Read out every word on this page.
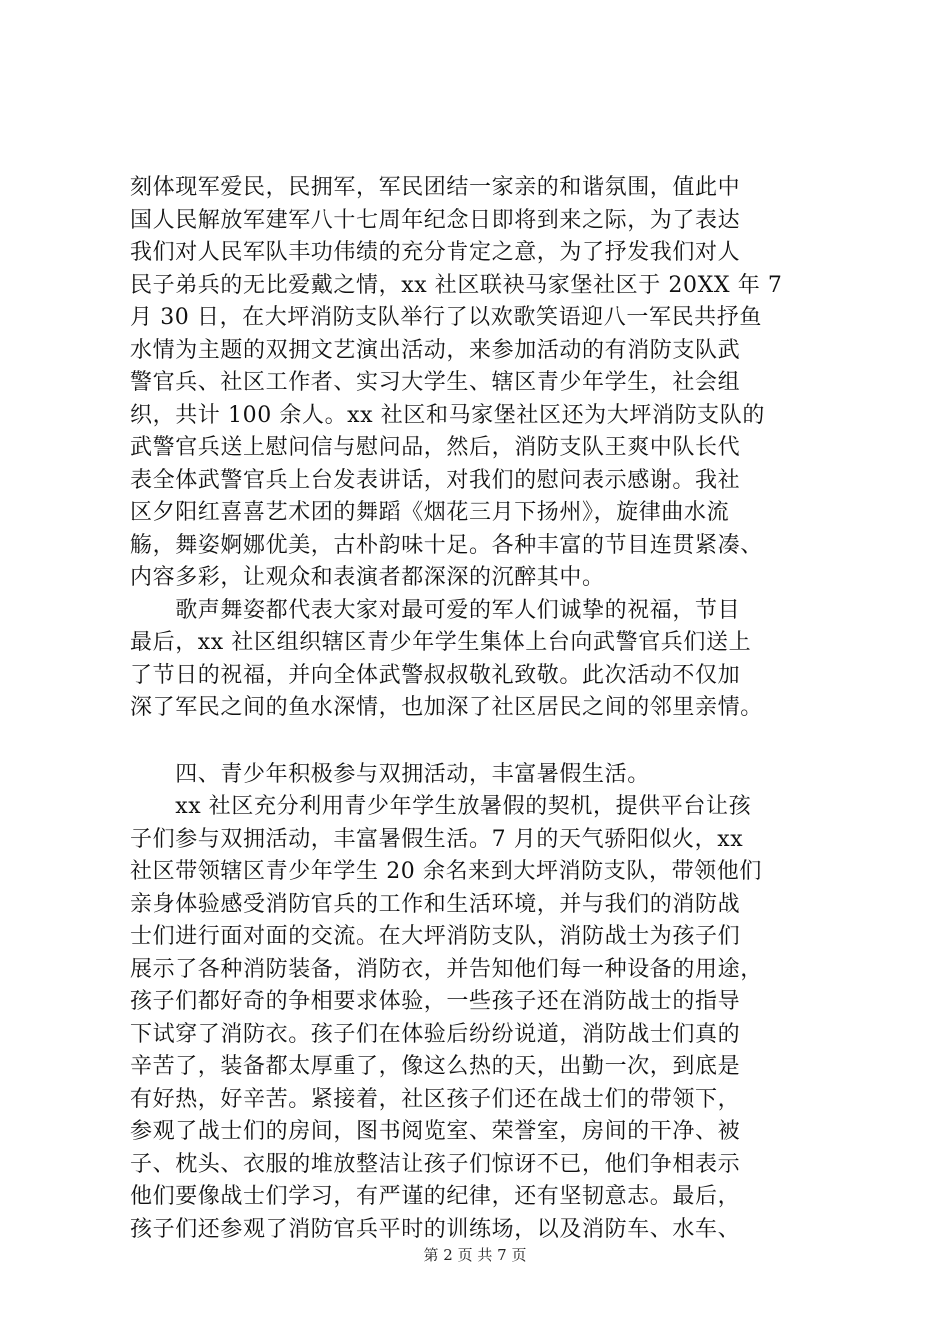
刻体现军爱民，民拥军，军民团结一家亲的和谐氛围，值此中
国人民解放军建军八十七周年纪念日即将到来之际，为了表达
我们对人民军队丰功伟绩的充分肯定之意，为了抒发我们对人
民子弟兵的无比爱戴之情，xx 社区联袂马家堡社区于 20XX 年 7
月 30 日，在大坪消防支队举行了以欢歌笑语迎八一军民共抒鱼
水情为主题的双拥文艺演出活动，来参加活动的有消防支队武
警官兵、社区工作者、实习大学生、辖区青少年学生，社会组
织，共计 100 余人。xx 社区和马家堡社区还为大坪消防支队的
武警官兵送上慰问信与慰问品，然后，消防支队王爽中队长代
表全体武警官兵上台发表讲话，对我们的慰问表示感谢。我社
区夕阳红喜喜艺术团的舞蹈《烟花三月下扬州》，旋律曲水流
觞，舞姿婀娜优美，古朴韵味十足。各种丰富的节目连贯紧凑、
内容多彩，让观众和表演者都深深的沉醉其中。
　　歌声舞姿都代表大家对最可爱的军人们诚挚的祝福，节目
最后，xx 社区组织辖区青少年学生集体上台向武警官兵们送上
了节日的祝福，并向全体武警叔叔敬礼致敬。此次活动不仅加
深了军民之间的鱼水深情，也加深了社区居民之间的邻里亲情。
　　四、青少年积极参与双拥活动，丰富暑假生活。
　　xx 社区充分利用青少年学生放暑假的契机，提供平台让孩
子们参与双拥活动，丰富暑假生活。7 月的天气骄阳似火，xx
社区带领辖区青少年学生 20 余名来到大坪消防支队，带领他们
亲身体验感受消防官兵的工作和生活环境，并与我们的消防战
士们进行面对面的交流。在大坪消防支队，消防战士为孩子们
展示了各种消防装备，消防衣，并告知他们每一种设备的用途，
孩子们都好奇的争相要求体验，一些孩子还在消防战士的指导
下试穿了消防衣。孩子们在体验后纷纷说道，消防战士们真的
辛苦了，装备都太厚重了，像这么热的天，出勤一次，到底是
有好热，好辛苦。紧接着，社区孩子们还在战士们的带领下，
参观了战士们的房间，图书阅览室、荣誉室，房间的干净、被
子、枕头、衣服的堆放整洁让孩子们惊讶不已，他们争相表示
他们要像战士们学习，有严谨的纪律，还有坚韧意志。最后，
孩子们还参观了消防官兵平时的训练场，以及消防车、水车、
第 2 页 共 7 页
